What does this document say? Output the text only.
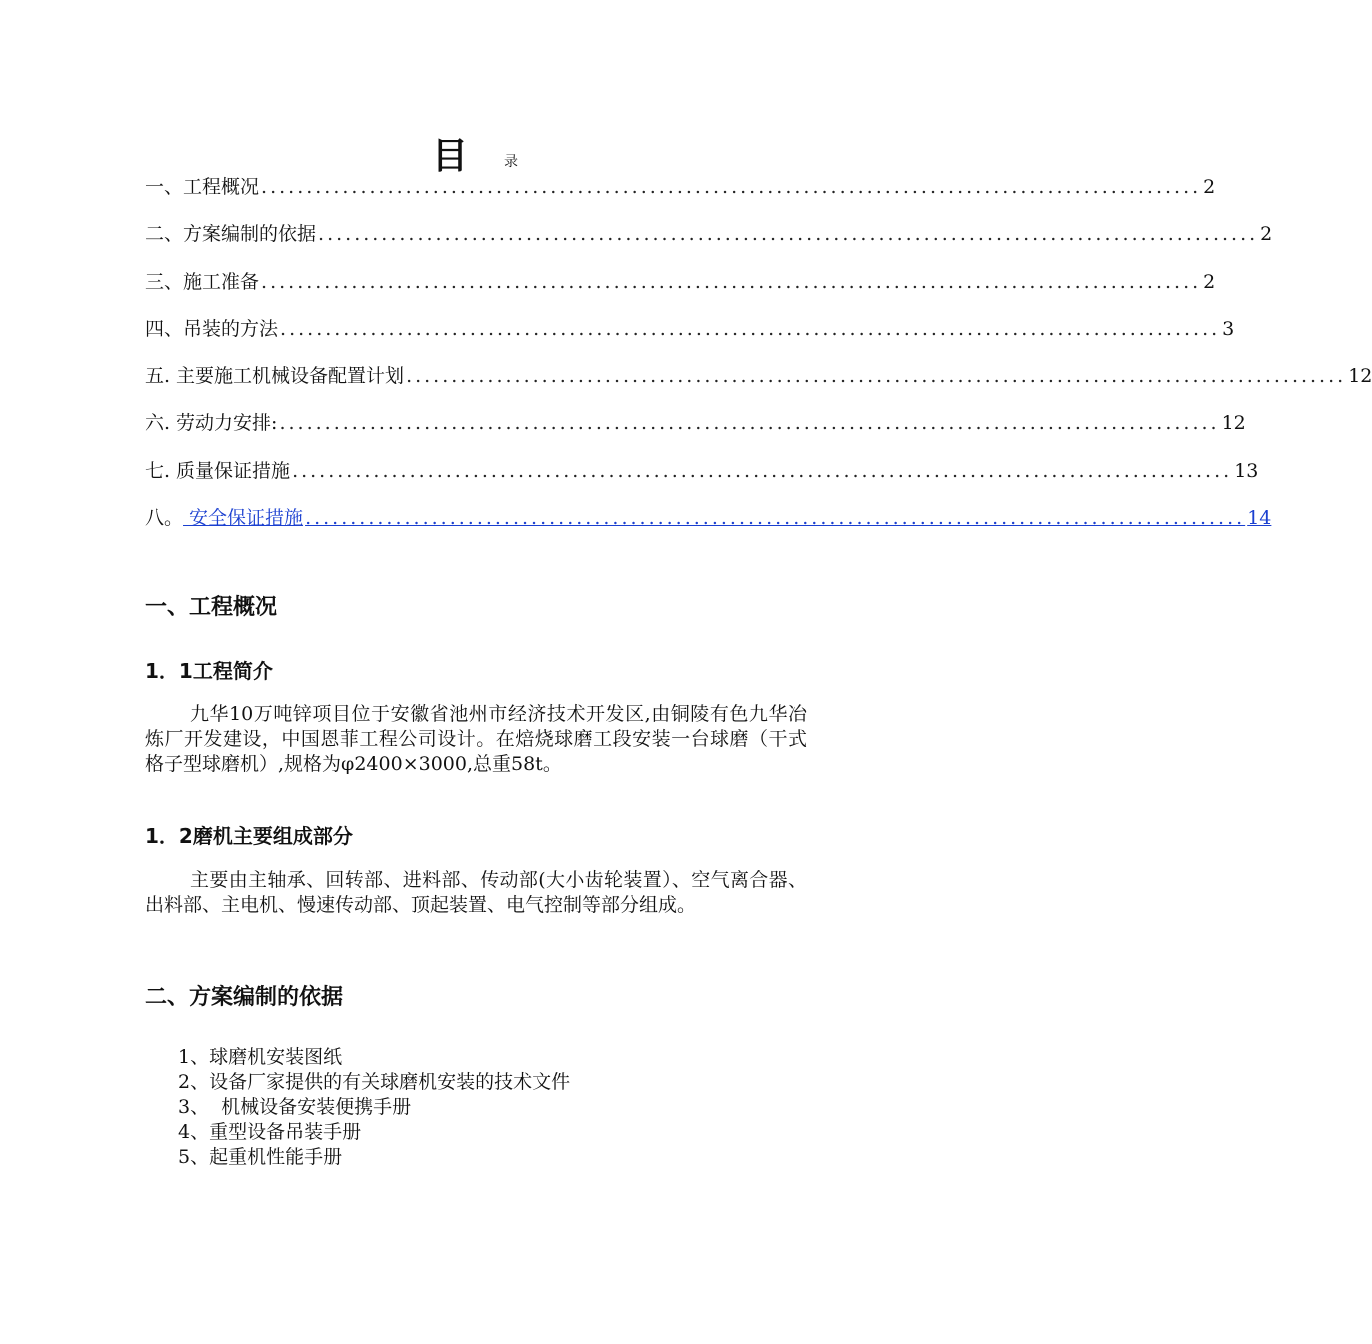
目	录
一、 工程概况 ........................................................................................................ 2
二、 方案编制的依据 ........................................................................................................ 2
三、 施工准备 ........................................................................................................ 2
四、 吊装的方法 ........................................................................................................ 3
五. 主要施工机械设备配置计划 ........................................................................................................ 12
六. 劳动力安排: ........................................................................................................ 12
七. 质量保证措施 ........................................................................................................ 13
八。 安全保证措施 ........................................................................................................ 14
一、工程概况
1．1工程简介
九华10万吨锌项目位于安徽省池州市经济技术开发区,由铜陵有色九华冶炼厂开发建设，中国恩菲工程公司设计。在焙烧球磨工段安装一台球磨（干式格子型球磨机）,规格为φ2400×3000,总重58t。
1．2磨机主要组成部分
主要由主轴承、回转部、进料部、传动部(大小齿轮装置）、空气离合器、出料部、主电机、慢速传动部、顶起装置、电气控制等部分组成。
二、方案编制的依据
1、球磨机安装图纸
2、设备厂家提供的有关球磨机安装的技术文件
3、  机械设备安装便携手册
4、重型设备吊装手册
5、起重机性能手册
